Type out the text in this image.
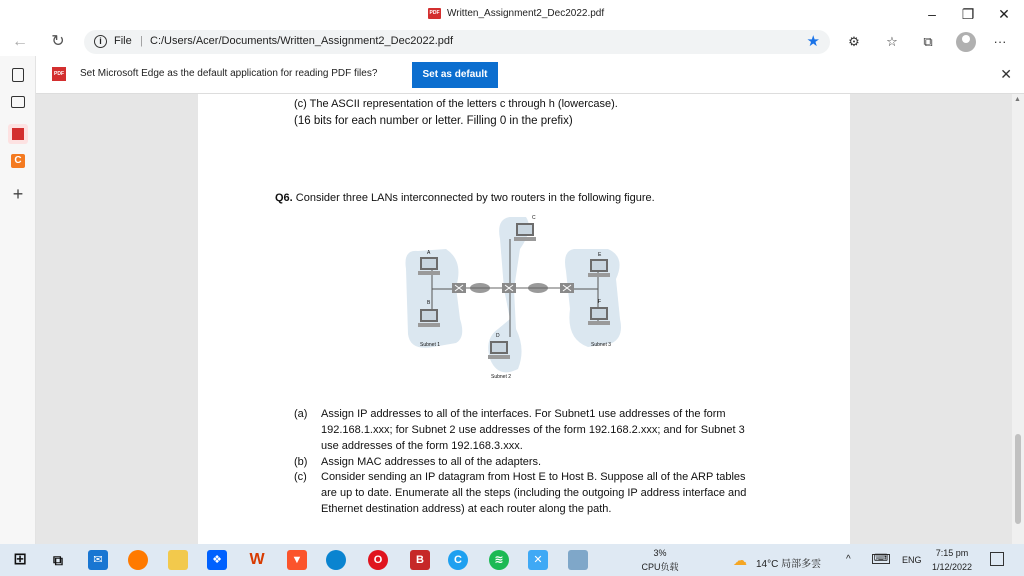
PDF Written_Assignment2_Dec2022.pdf	–	❐	✕
←	↻	i	File | C:/Users/Acer/Documents/Written_Assignment2_Dec2022.pdf	★	⚙	☆	⧉	···
C
+
PDF Set Microsoft Edge as the default application for reading PDF files?	Set as default	✕
(c) The ASCII representation of the letters c through h (lowercase).
(16 bits for each number or letter. Filling 0 in the prefix)
Q6. Consider three LANs interconnected by two routers in the following figure.
A
B
C
D
E
F
Subnet 1
Subnet 2
Subnet 3
(a) Assign IP addresses to all of the interfaces. For Subnet1 use addresses of the form
192.168.1.xxx; for Subnet 2 use addresses of the form 192.168.2.xxx; and for Subnet 3
use addresses of the form 192.168.3.xxx.
(b) Assign MAC addresses to all of the adapters.
(c) Consider sending an IP datagram from Host E to Host B. Suppose all of the ARP tables
are up to date. Enumerate all the steps (including the outgoing IP address interface and
Ethernet destination address) at each router along the path.
▲
⊞	⧉	✉	❖	W	▼	O	B	C	≋	✕
3%
CPU负载	☁ 14°C 局部多雲 ^ ⌨ ENG
7:15 pm
1/12/2022
